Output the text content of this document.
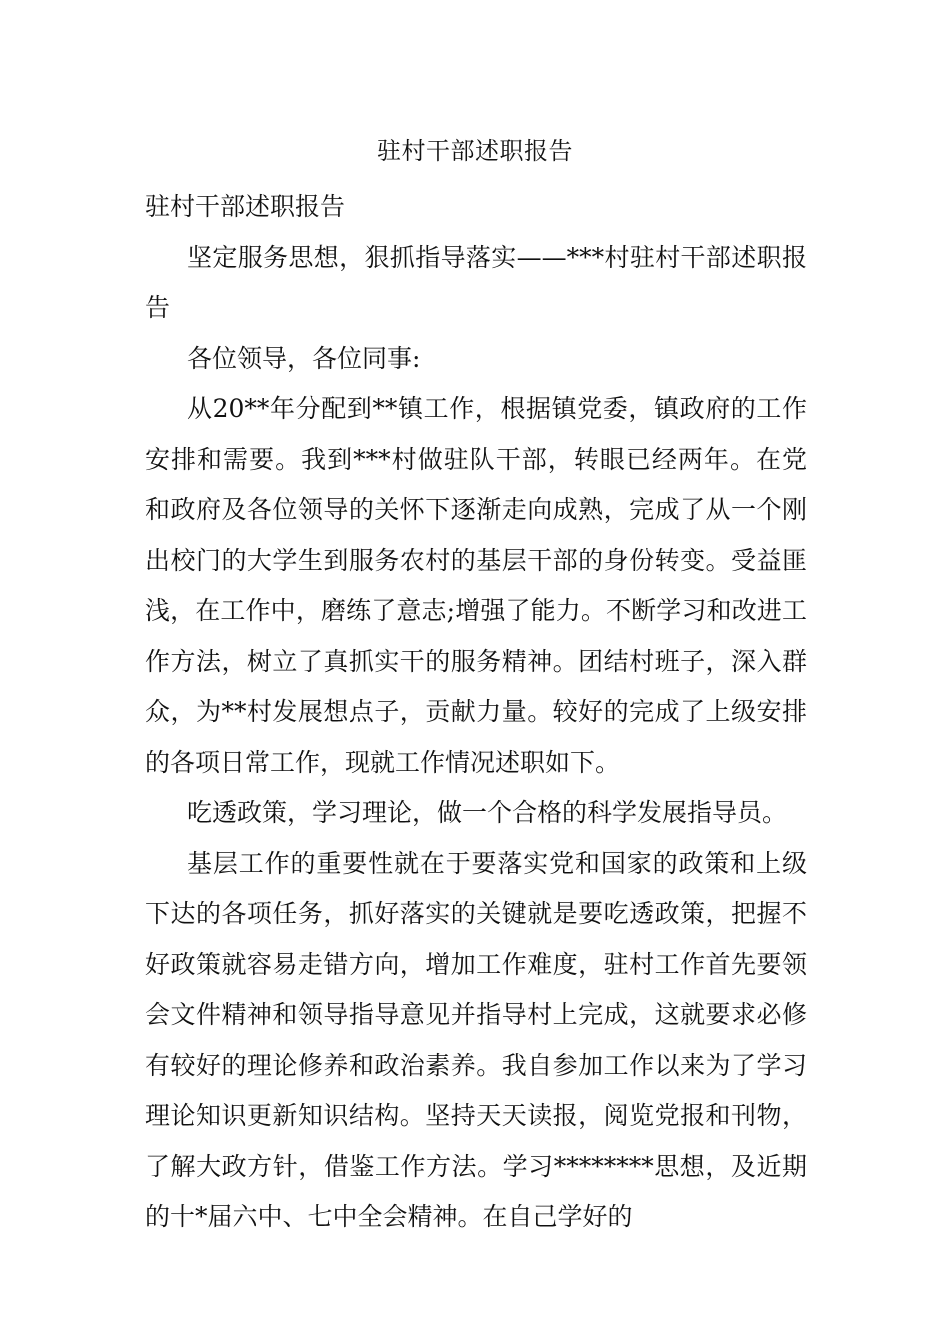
驻村干部述职报告

驻村干部述职报告

坚定服务思想，狠抓指导落实——***村驻村干部述职报告

各位领导，各位同事:

从20**年分配到**镇工作，根据镇党委，镇政府的工作安排和需要。我到***村做驻队干部，转眼已经两年。在党和政府及各位领导的关怀下逐渐走向成熟，完成了从一个刚出校门的大学生到服务农村的基层干部的身份转变。受益匪浅，在工作中，磨练了意志;增强了能力。不断学习和改进工作方法，树立了真抓实干的服务精神。团结村班子，深入群众，为**村发展想点子，贡献力量。较好的完成了上级安排的各项日常工作，现就工作情况述职如下。

吃透政策，学习理论，做一个合格的科学发展指导员。

基层工作的重要性就在于要落实党和国家的政策和上级下达的各项任务，抓好落实的关键就是要吃透政策，把握不好政策就容易走错方向，增加工作难度，驻村工作首先要领会文件精神和领导指导意见并指导村上完成，这就要求必修有较好的理论修养和政治素养。我自参加工作以来为了学习理论知识更新知识结构。坚持天天读报，阅览党报和刊物，了解大政方针，借鉴工作方法。学习********思想，及近期的十*届六中、七中全会精神。在自己学好的
